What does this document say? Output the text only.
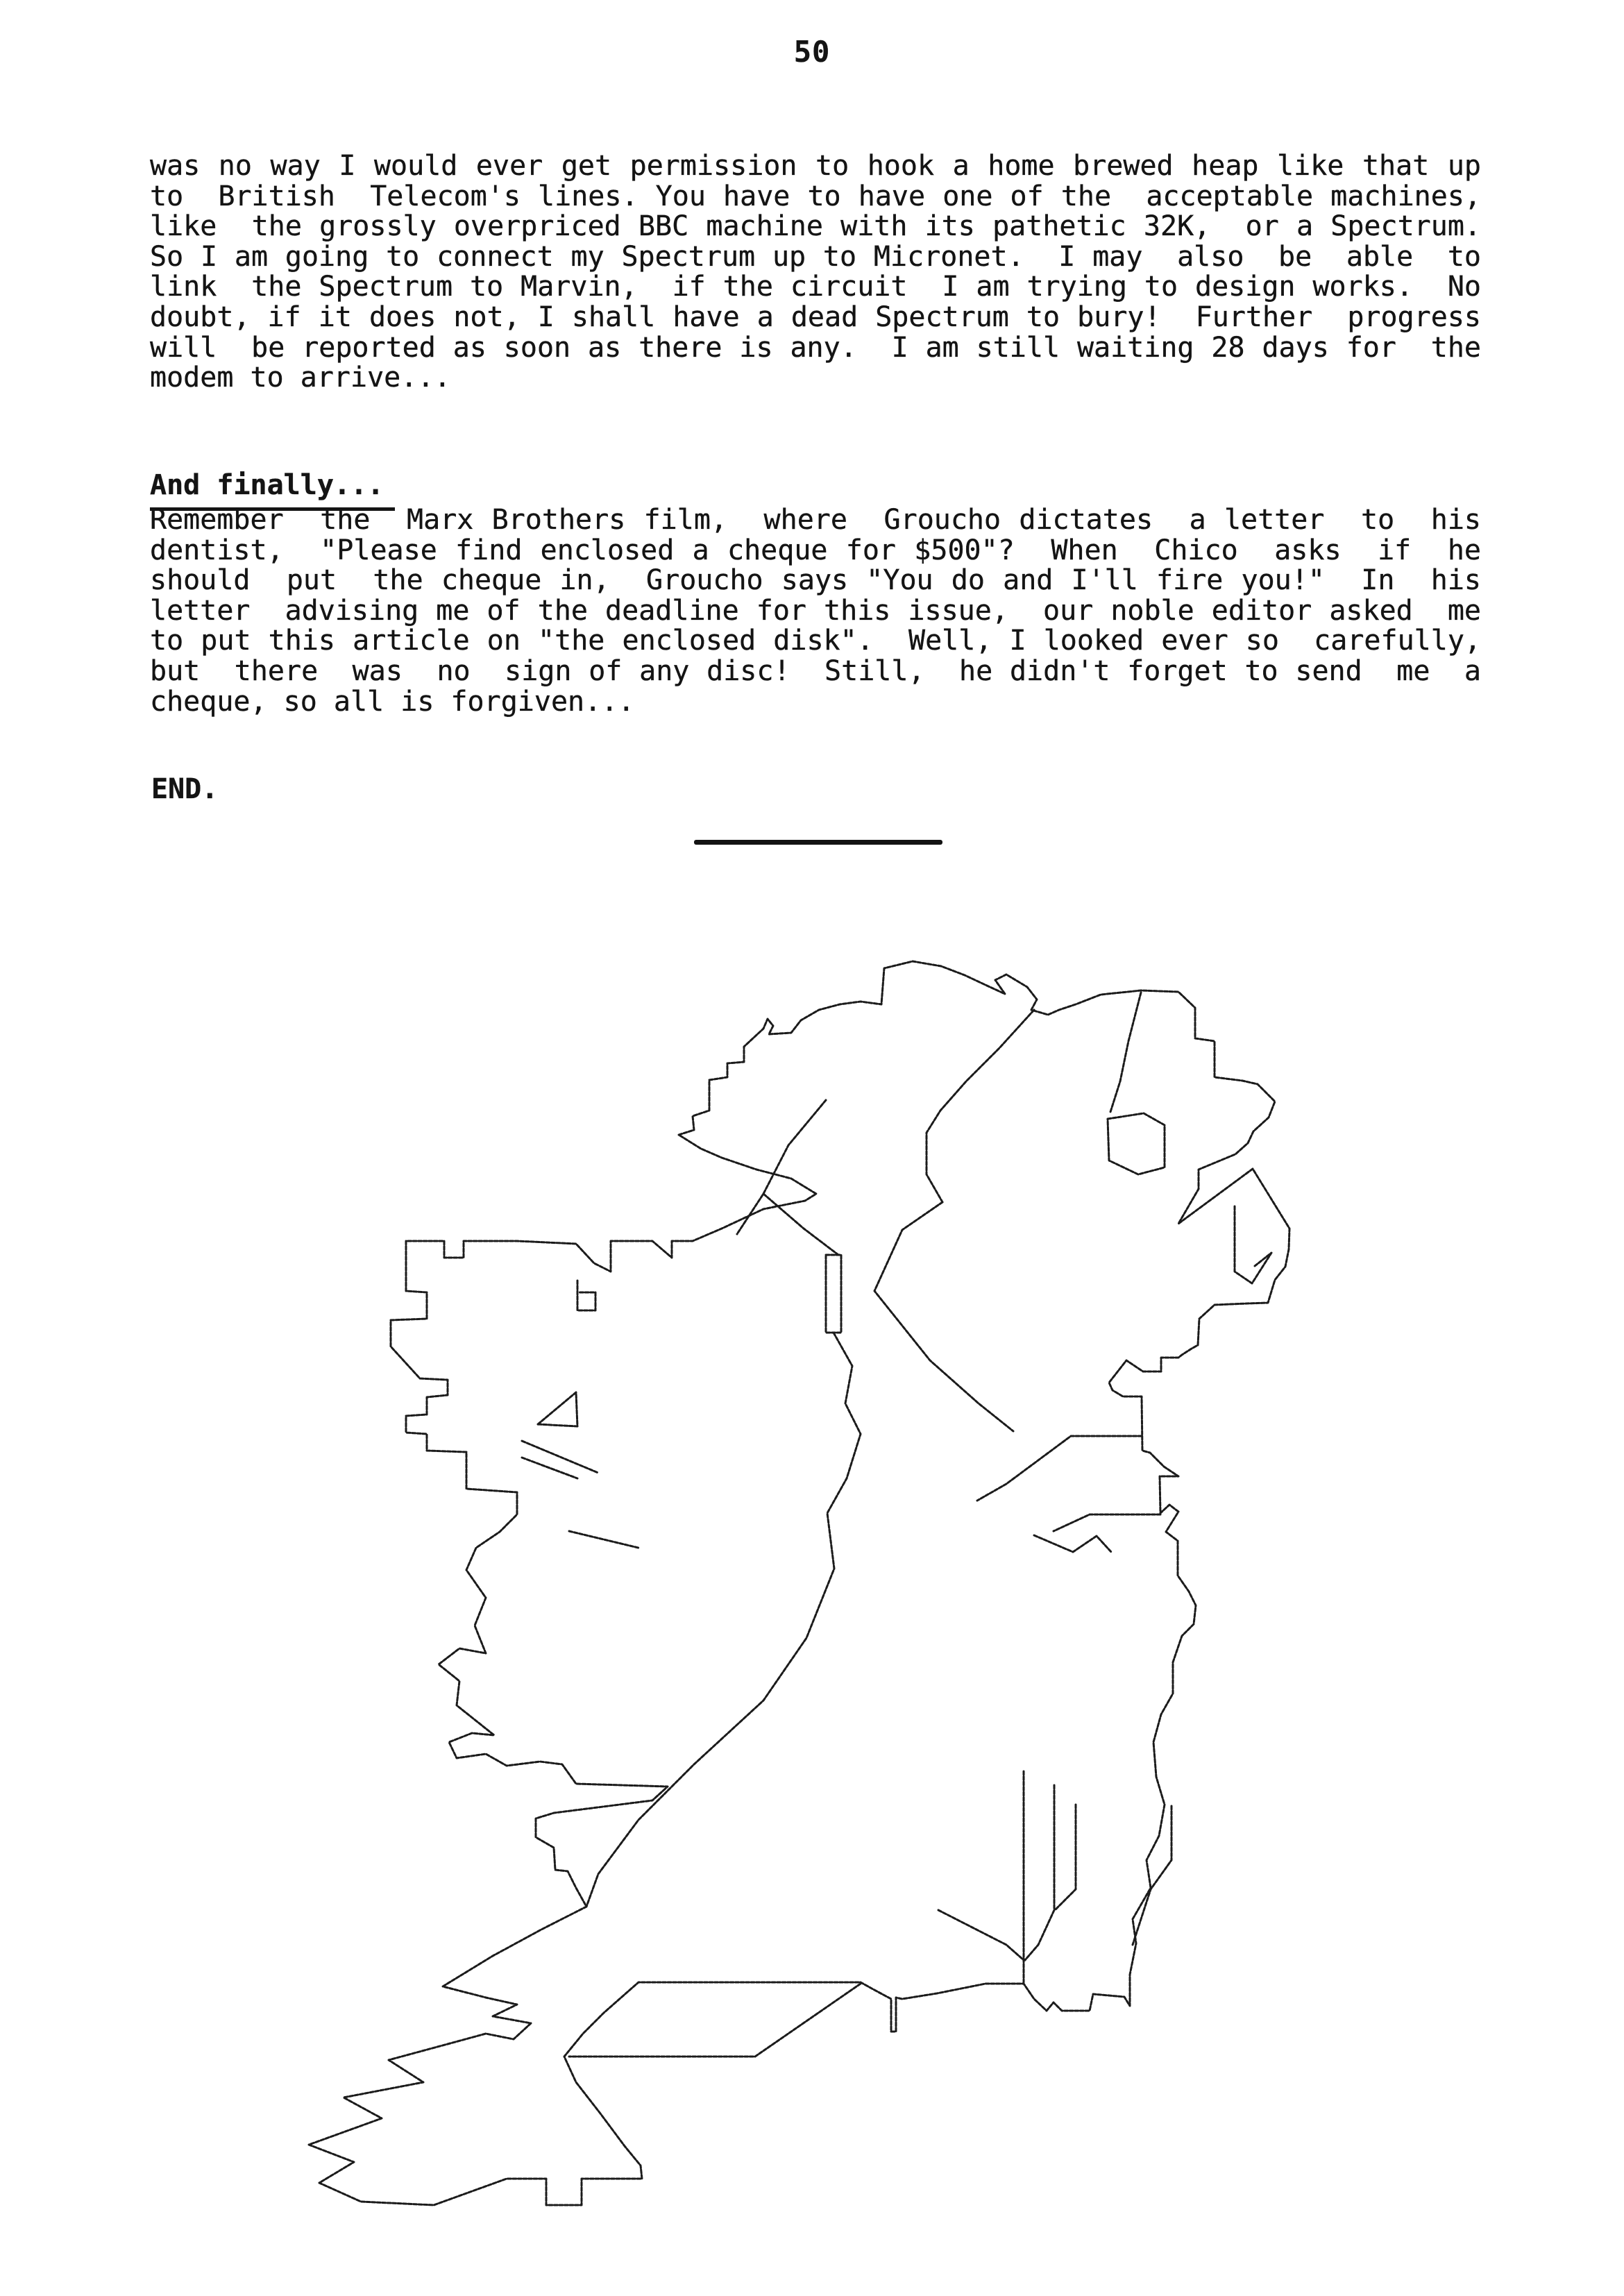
50
was no way I would ever get permission to hook a home brewed heap like that up
to  British  Telecom's lines. You have to have one of the  acceptable machines,
like  the grossly overpriced BBC machine with its pathetic 32K,  or a Spectrum.
So I am going to connect my Spectrum up to Micronet.  I may  also  be  able  to
link  the Spectrum to Marvin,  if the circuit  I am trying to design works.  No
doubt, if it does not, I shall have a dead Spectrum to bury!  Further  progress
will  be reported as soon as there is any.  I am still waiting 28 days for  the
modem to arrive...
And finally...
Remember  the  Marx Brothers film,  where  Groucho dictates  a letter  to  his
dentist,  "Please find enclosed a cheque for $500"?  When  Chico  asks  if  he
should  put  the cheque in,  Groucho says "You do and I'll fire you!"  In  his
letter  advising me of the deadline for this issue,  our noble editor asked  me
to put this article on "the enclosed disk".  Well, I looked ever so  carefully,
but  there  was  no  sign of any disc!  Still,  he didn't forget to send  me  a
cheque, so all is forgiven...
END.
